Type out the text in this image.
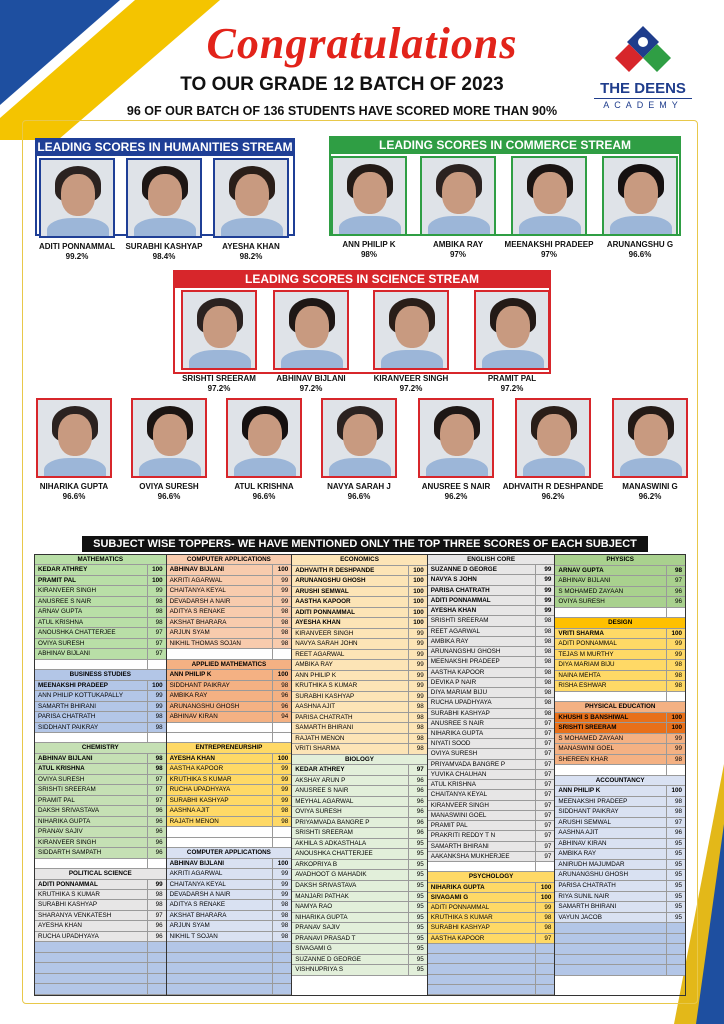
Congratulations
TO OUR GRADE 12 BATCH OF 2023
96 OF OUR BATCH OF 136 STUDENTS HAVE SCORED MORE THAN 90%
THE DEENS
ACADEMY
LEADING SCORES IN HUMANITIES STREAM	LEADING SCORES IN COMMERCE STREAM
LEADING SCORES IN SCIENCE STREAM
ADITI PONNAMMAL
99.2%
SURABHI KASHYAP
98.4%
AYESHA KHAN
98.2%
ANN PHILIP K
98%
AMBIKA RAY
97%
MEENAKSHI PRADEEP
97%
ARUNANGSHU G
96.6%
SRISHTI SREERAM
97.2%
ABHINAV BIJLANI
97.2%
KIRANVEER SINGH
97.2%
PRAMIT PAL
97.2%
NIHARIKA GUPTA
96.6%
OVIYA SURESH
96.6%
ATUL KRISHNA
96.6%
NAVYA SARAH J
96.6%
ANUSREE S NAIR
96.2%
ADHVAITH R DESHPANDE
96.2%
MANASWINI G
96.2%
SUBJECT WISE TOPPERS- WE HAVE MENTIONED ONLY THE TOP THREE SCORES OF EACH SUBJECT
MATHEMATICS
KEDAR ATHREY	100
PRAMIT PAL	100
KIRANVEER SINGH	99
ANUSREE S NAIR	98
ARNAV GUPTA	98
ATUL KRISHNA	98
ANOUSHKA CHATTERJEE	97
OVIYA SURESH	97
ABHINAV BIJLANI	97
BUSINESS STUDIES
MEENAKSHI PRADEEP	100
ANN PHILIP KOTTUKAPALLY	99
SAMARTH BHIRANI	99
PARISA CHATRATH	98
SIDDHANT PAIKRAY	98
CHEMISTRY
ABHINAV BIJLANI	98
ATUL KRISHNA	98
OVIYA SURESH	97
SRISHTI SREERAM	97
PRAMIT PAL	97
DAKSH SRIVASTAVA	96
NIHARIKA GUPTA	96
PRANAV SAJIV	96
KIRANVEER SINGH	96
SIDDARTH SAMPATH	96
POLITICAL SCIENCE
ADITI PONNAMMAL	99
KRUTHIKA S KUMAR	98
SURABHI KASHYAP	98
SHARANYA VENKATESH	97
AYESHA KHAN	96
RUCHA UPADHYAYA	96
COMPUTER APPLICATIONS
ABHINAV BIJLANI	100
AKRITI AGARWAL	99
CHAITANYA KEYAL	99
DEVADARSH A NAIR	99
ADITYA S RENAKE	98
AKSHAT BHARARA	98
ARJUN SYAM	98
NIKHIL THOMAS SOJAN	98
APPLIED MATHEMATICS
ANN PHILIP K	100
SIDDHANT PAIKRAY	98
AMBIKA RAY	96
ARUNANGSHU GHOSH	96
ABHINAV KIRAN	94
ENTREPRENEURSHIP
AYESHA KHAN	100
AASTHA KAPOOR	99
KRUTHIKA S KUMAR	99
RUCHA UPADHYAYA	99
SURABHI KASHYAP	99
AASHNA AJIT	98
RAJATH MENON	98
COMPUTER APPLICATIONS
ABHINAV BIJLANI	100
AKRITI AGARWAL	99
CHAITANYA KEYAL	99
DEVADARSH A NAIR	99
ADITYA S RENAKE	98
AKSHAT BHARARA	98
ARJUN SYAM	98
NIKHIL T SOJAN	98
ECONOMICS
ADHVAITH R DESHPANDE	100
ARUNANGSHU GHOSH	100
ARUSHI SEMWAL	100
AASTHA KAPOOR	100
ADITI PONNAMMAL	100
AYESHA KHAN	100
KIRANVEER SINGH	99
NAVYA SARAH JOHN	99
REET AGARWAL	99
AMBIKA RAY	99
ANN PHILIP K	99
KRUTHIKA S KUMAR	99
SURABHI KASHYAP	99
AASHNA AJIT	98
PARISA CHATRATH	98
SAMARTH BHIRANI	98
RAJATH MENON	98
VRITI SHARMA	98
BIOLOGY
KEDAR ATHREY	97
AKSHAY ARUN P	96
ANUSREE S NAIR	96
MEYHAL AGARWAL	96
OVIYA SURESH	96
PRIYAMVADA BANGRE P	96
SRISHTI SREERAM	96
AKHILA S ADKASTHALA	95
ANOUSHKA CHATTERJEE	95
ARKOPRIYA B	95
AVADHOOT G MAHADIK	95
DAKSH SRIVASTAVA	95
MANJARI PATHAK	95
NAMYA RAO	95
NIHARIKA GUPTA	95
PRANAV SAJIV	95
PRANAVI PRASAD T	95
SIVAGAMI G	95
SUZANNE D GEORGE	95
VISHNUPRIYA S	95
ENGLISH CORE
SUZANNE D GEORGE	99
NAVYA S JOHN	99
PARISA CHATRATH	99
ADITI PONNAMMAL	99
AYESHA KHAN	99
SRISHTI SREERAM	98
REET AGARWAL	98
AMBIKA RAY	98
ARUNANGSHU GHOSH	98
MEENAKSHI PRADEEP	98
AASTHA KAPOOR	98
DEVIKA P NAIR	98
DIYA MARIAM BIJU	98
RUCHA UPADHYAYA	98
SURABHI KASHYAP	98
ANUSREE S NAIR	97
NIHARIKA GUPTA	97
NIYATI SOOD	97
OVIYA SURESH	97
PRIYAMVADA BANGRE P	97
YUVIKA CHAUHAN	97
ATUL KRISHNA	97
CHAITANYA KEYAL	97
KIRANVEER SINGH	97
MANASWINI GOEL	97
PRAMIT PAL	97
PRAKRITI REDDY T N	97
SAMARTH BHIRANI	97
AAKANKSHA MUKHERJEE	97
PSYCHOLOGY
NIHARIKA GUPTA	100
SIVAGAMI G	100
ADITI PONNAMMAL	99
KRUTHIKA S KUMAR	98
SURABHI KASHYAP	98
AASTHA KAPOOR	97
PHYSICS
ARNAV GUPTA	98
ABHINAV BIJLANI	97
S MOHAMED ZAYAAN	96
OVIYA SURESH	96
DESIGN
VRITI SHARMA	100
ADITI PONNAMMAL	99
TEJAS M MURTHY	99
DIYA MARIAM BIJU	98
NAINA MEHTA	98
RISHA ESHWAR	98
PHYSICAL EDUCATION
KHUSHI S BANSHIWAL	100
SRISHTI SREERAM	100
S MOHAMED ZAYAAN	99
MANASWINI GOEL	99
SHEREEN KHAR	98
ACCOUNTANCY
ANN PHILIP K	100
MEENAKSHI PRADEEP	98
SIDDHANT PAIKRAY	98
ARUSHI SEMWAL	97
AASHNA AJIT	96
ABHINAV KIRAN	95
AMBIKA RAY	95
ANIRUDH MAJUMDAR	95
ARUNANGSHU GHOSH	95
PARISA CHATRATH	95
RIYA SUNIL NAIR	95
SAMARTH BHIRANI	95
VAYUN JACOB	95
